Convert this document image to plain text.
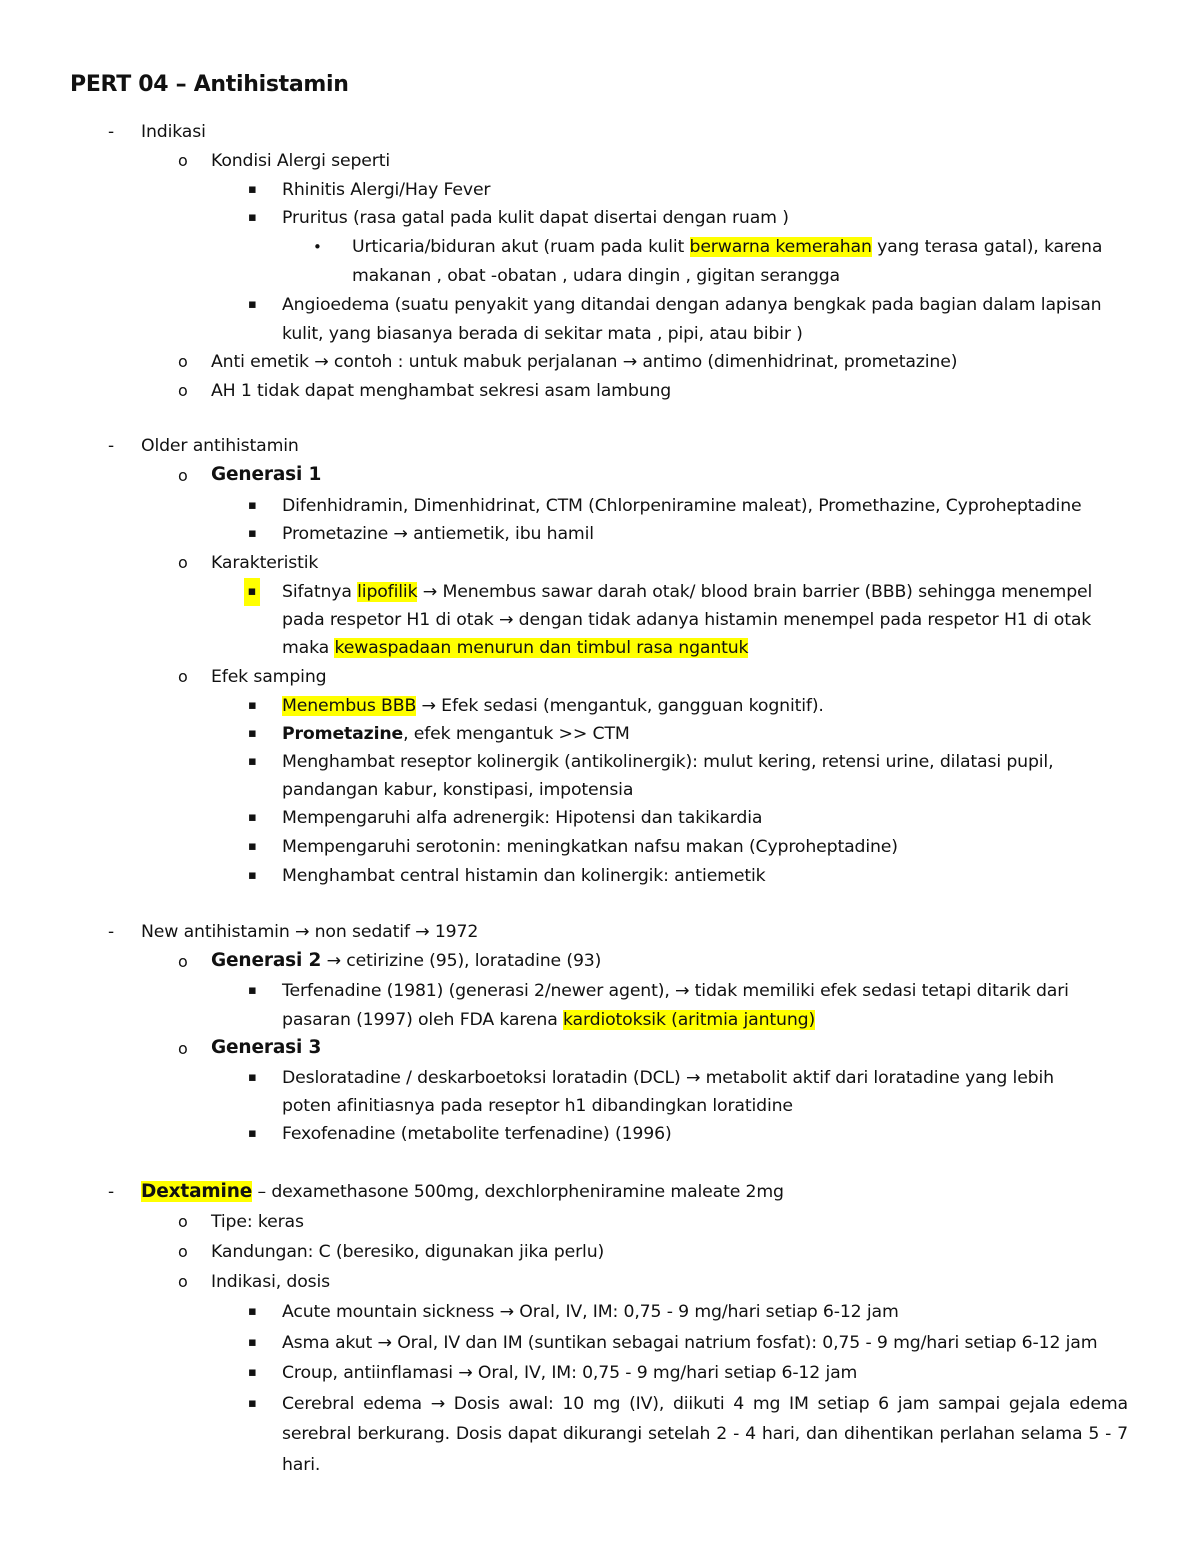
PERT 04 – Antihistamin
- Indikasi
o Kondisi Alergi seperti
▪ Rhinitis Alergi/Hay Fever
▪ Pruritus (rasa gatal pada kulit dapat disertai dengan ruam )
• Urticaria/biduran akut (ruam pada kulit berwarna kemerahan yang terasa gatal), karena
makanan , obat -obatan , udara dingin , gigitan serangga
▪ Angioedema (suatu penyakit yang ditandai dengan adanya bengkak pada bagian dalam lapisan
kulit, yang biasanya berada di sekitar mata , pipi, atau bibir )
o Anti emetik → contoh : untuk mabuk perjalanan → antimo (dimenhidrinat, prometazine)
o AH 1 tidak dapat menghambat sekresi asam lambung
- Older antihistamin
o Generasi 1
▪ Difenhidramin, Dimenhidrinat, CTM (Chlorpeniramine maleat), Promethazine, Cyproheptadine
▪ Prometazine → antiemetik, ibu hamil
o Karakteristik
▪ Sifatnya lipofilik → Menembus sawar darah otak/ blood brain barrier (BBB) sehingga menempel
pada respetor H1 di otak → dengan tidak adanya histamin menempel pada respetor H1 di otak
maka kewaspadaan menurun dan timbul rasa ngantuk
o Efek samping
▪ Menembus BBB → Efek sedasi (mengantuk, gangguan kognitif).
▪ Prometazine, efek mengantuk >> CTM
▪ Menghambat reseptor kolinergik (antikolinergik): mulut kering, retensi urine, dilatasi pupil,
pandangan kabur, konstipasi, impotensia
▪ Mempengaruhi alfa adrenergik: Hipotensi dan takikardia
▪ Mempengaruhi serotonin: meningkatkan nafsu makan (Cyproheptadine)
▪ Menghambat central histamin dan kolinergik: antiemetik
- New antihistamin → non sedatif → 1972
o Generasi 2 → cetirizine (95), loratadine (93)
▪ Terfenadine (1981) (generasi 2/newer agent), → tidak memiliki efek sedasi tetapi ditarik dari
pasaran (1997) oleh FDA karena kardiotoksik (aritmia jantung)
o Generasi 3
▪ Desloratadine / deskarboetoksi loratadin (DCL) → metabolit aktif dari loratadine yang lebih
poten afinitiasnya pada reseptor h1 dibandingkan loratidine
▪ Fexofenadine (metabolite terfenadine) (1996)
- Dextamine – dexamethasone 500mg, dexchlorpheniramine maleate 2mg
o Tipe: keras
o Kandungan: C (beresiko, digunakan jika perlu)
o Indikasi, dosis
▪ Acute mountain sickness → Oral, IV, IM: 0,75 - 9 mg/hari setiap 6-12 jam
▪ Asma akut → Oral, IV dan IM (suntikan sebagai natrium fosfat): 0,75 - 9 mg/hari setiap 6-12 jam
▪ Croup, antiinflamasi → Oral, IV, IM: 0,75 - 9 mg/hari setiap 6-12 jam
▪ Cerebral edema → Dosis awal: 10 mg (IV), diikuti 4 mg IM setiap 6 jam sampai gejala edema
serebral berkurang. Dosis dapat dikurangi setelah 2 - 4 hari, dan dihentikan perlahan selama 5 - 7
hari.
